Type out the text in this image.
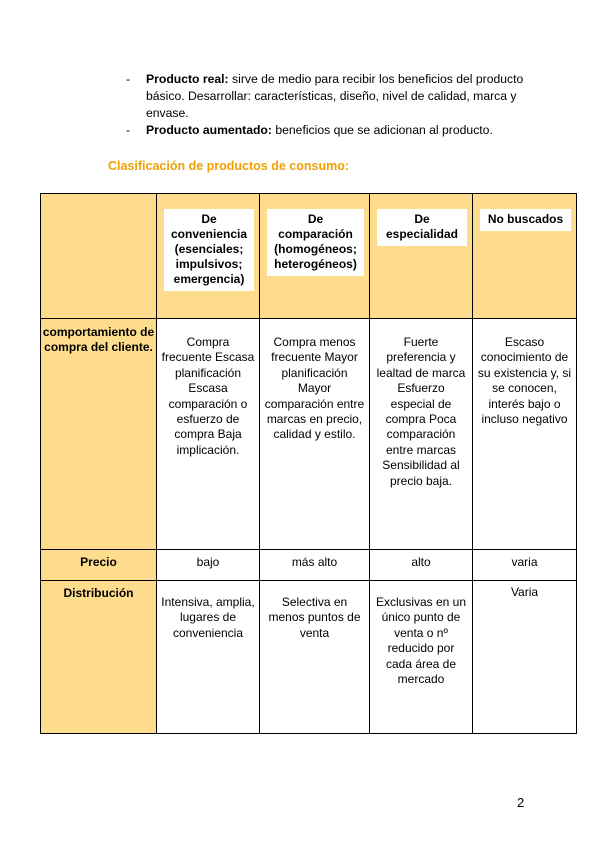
- Producto real: sirve de medio para recibir los beneficios del producto básico. Desarrollar: características, diseño, nivel de calidad, marca y envase.
- Producto aumentado: beneficios que se adicionan al producto.
Clasificación de productos de consumo:

	De conveniencia (esenciales; impulsivos; emergencia)	De comparación (homogéneos; heterogéneos)	De especialidad	No buscados

comportamiento de compra del cliente.	Compra frecuente Escasa planificación Escasa comparación o esfuerzo de compra Baja implicación.	Compra menos frecuente Mayor planificación Mayor comparación entre marcas en precio, calidad y estilo.	Fuerte preferencia y lealtad de marca Esfuerzo especial de compra Poca comparación entre marcas Sensibilidad al precio baja.	Escaso conocimiento de su existencia y, si se conocen, interés bajo o incluso negativo
Precio	bajo	más alto	alto	varia
Distribución	Intensiva, amplia, lugares de conveniencia	Selectiva en menos puntos de venta	Exclusivas en un único punto de venta o nº reducido por cada área de mercado	Varia
2
